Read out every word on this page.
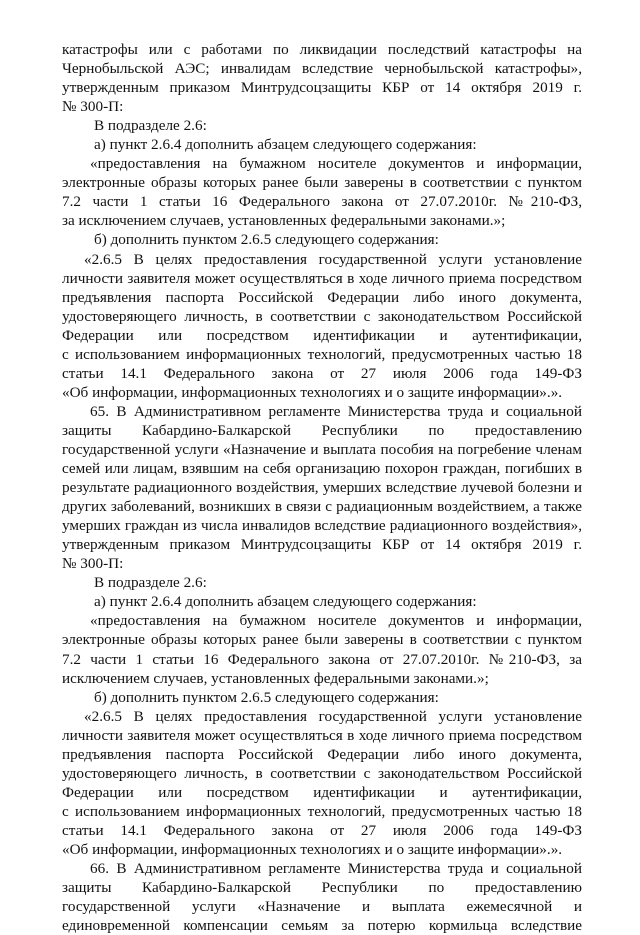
катастрофы или с работами по ликвидации последствий катастрофы на
Чернобыльской АЭС; инвалидам вследствие чернобыльской катастрофы»,
утвержденным приказом Минтрудсоцзащиты КБР от 14 октября 2019 г.
№ 300-П:
В подразделе 2.6:
а) пункт 2.6.4 дополнить абзацем следующего содержания:
«предоставления на бумажном носителе документов и информации,
электронные образы которых ранее были заверены в соответствии с пунктом
7.2 части 1 статьи 16 Федерального закона от 27.07.2010г. №210-ФЗ,
за исключением случаев, установленных федеральными законами.»;
б) дополнить пунктом 2.6.5 следующего содержания:
«2.6.5 В целях предоставления государственной услуги установление
личности заявителя может осуществляться в ходе личного приема посредством
предъявления паспорта Российской Федерации либо иного документа,
удостоверяющего личность, в соответствии с законодательством Российской
Федерации или посредством идентификации и аутентификации,
с использованием информационных технологий, предусмотренных частью 18
статьи 14.1 Федерального закона от 27 июля 2006 года 149-ФЗ
«Об информации, информационных технологиях и о защите информации».».
65. В Административном регламенте Министерства труда и социальной
защиты Кабардино-Балкарской Республики по предоставлению
государственной услуги «Назначение и выплата пособия на погребение членам
семей или лицам, взявшим на себя организацию похорон граждан, погибших в
результате радиационного воздействия, умерших вследствие лучевой болезни и
других заболеваний, возникших в связи с радиационным воздействием, а также
умерших граждан из числа инвалидов вследствие радиационного воздействия»,
утвержденным приказом Минтрудсоцзащиты КБР от 14 октября 2019 г.
№ 300-П:
В подразделе 2.6:
а) пункт 2.6.4 дополнить абзацем следующего содержания:
«предоставления на бумажном носителе документов и информации,
электронные образы которых ранее были заверены в соответствии с пунктом
7.2 части 1 статьи 16 Федерального закона от 27.07.2010г. №210-ФЗ, за
исключением случаев, установленных федеральными законами.»;
б) дополнить пунктом 2.6.5 следующего содержания:
«2.6.5 В целях предоставления государственной услуги установление
личности заявителя может осуществляться в ходе личного приема посредством
предъявления паспорта Российской Федерации либо иного документа,
удостоверяющего личность, в соответствии с законодательством Российской
Федерации или посредством идентификации и аутентификации,
с использованием информационных технологий, предусмотренных частью 18
статьи 14.1 Федерального закона от 27 июля 2006 года 149-ФЗ
«Об информации, информационных технологиях и о защите информации».».
66. В Административном регламенте Министерства труда и социальной
защиты Кабардино-Балкарской Республики по предоставлению
государственной услуги «Назначение и выплата ежемесячной и
единовременной компенсации семьям за потерю кормильца вследствие
